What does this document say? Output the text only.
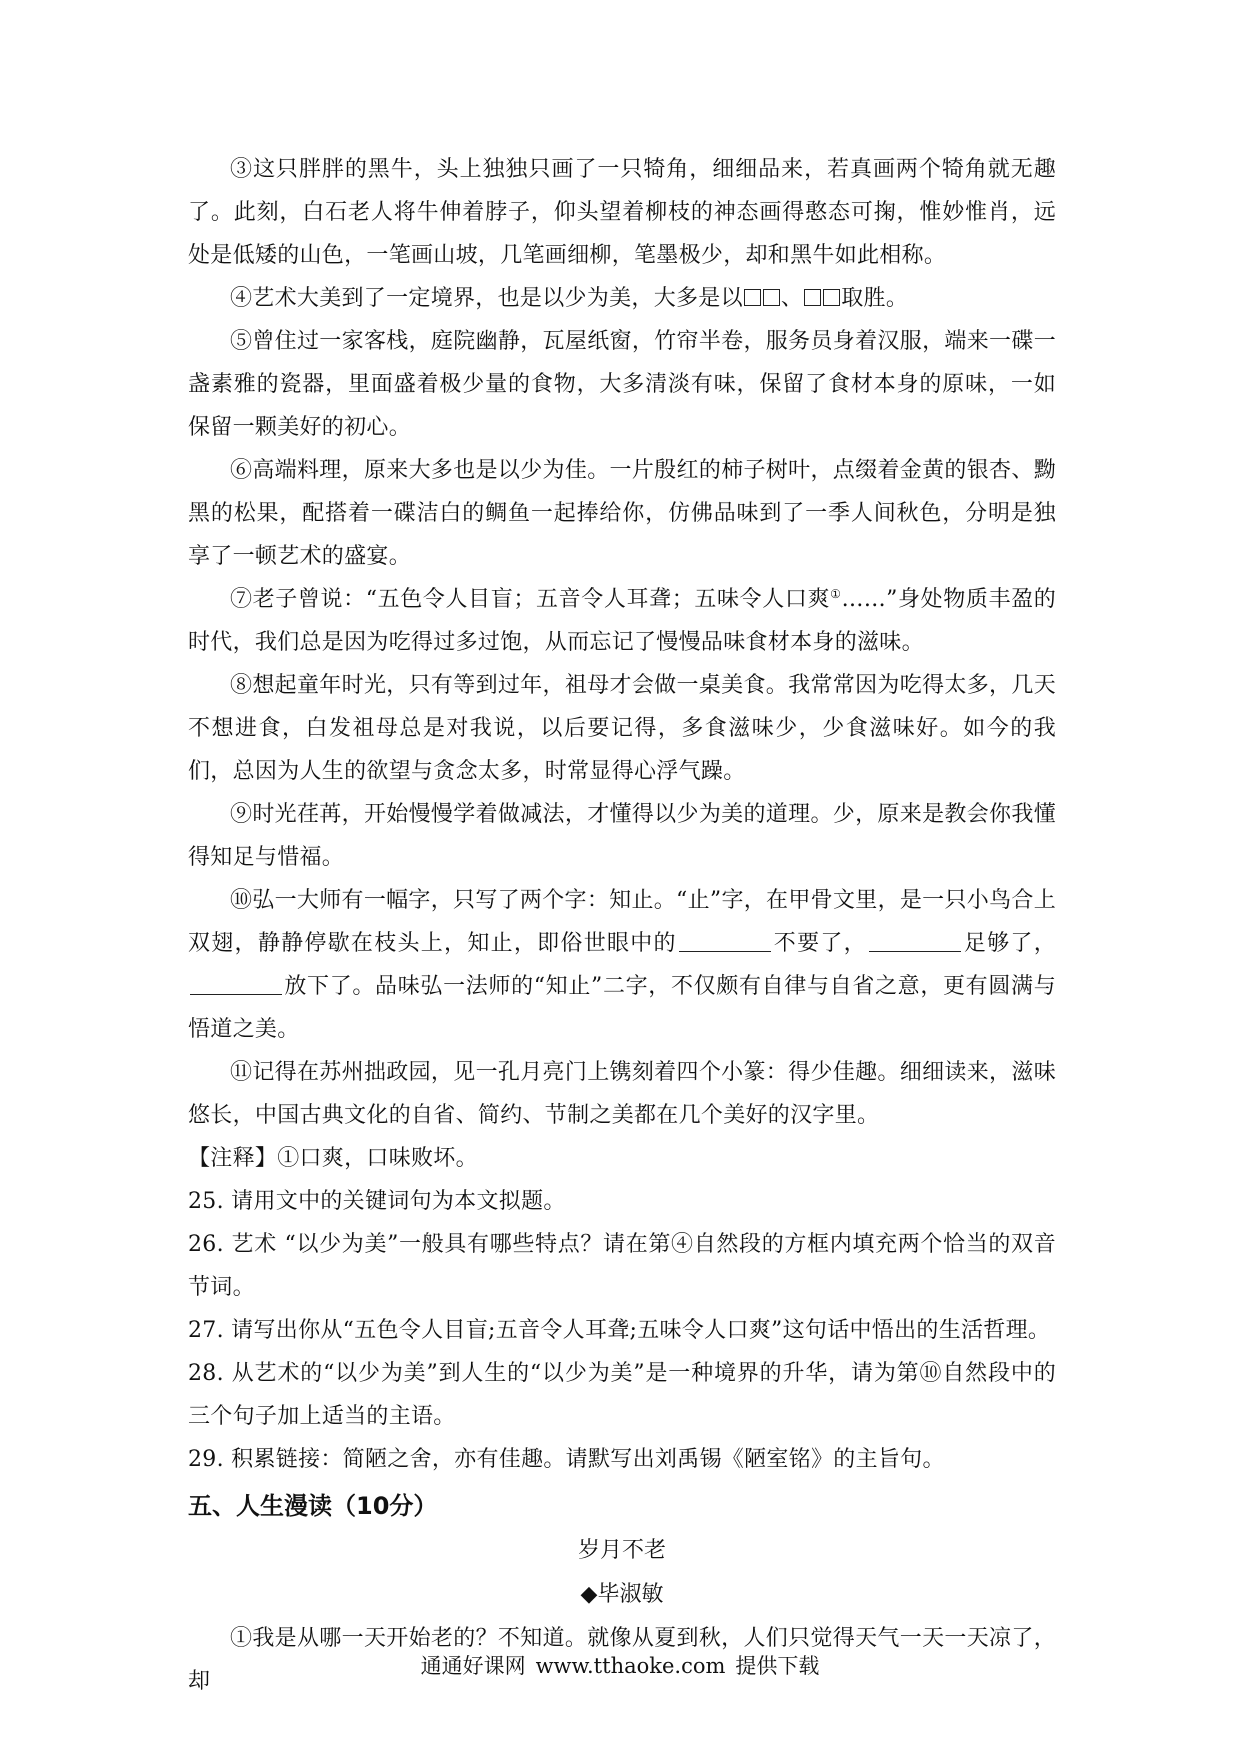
③这只胖胖的黑牛，头上独独只画了一只犄角，细细品来，若真画两个犄角就无趣了。此刻，白石老人将牛伸着脖子，仰头望着柳枝的神态画得憨态可掬，惟妙惟肖，远处是低矮的山色，一笔画山坡，几笔画细柳，笔墨极少，却和黑牛如此相称。

④艺术大美到了一定境界，也是以少为美，大多是以 、 取胜。

⑤曾住过一家客栈，庭院幽静，瓦屋纸窗，竹帘半卷，服务员身着汉服，端来一碟一盏素雅的瓷器，里面盛着极少量的食物，大多清淡有味，保留了食材本身的原味，一如保留一颗美好的初心。

⑥高端料理，原来大多也是以少为佳。一片殷红的柿子树叶，点缀着金黄的银杏、黝黑的松果，配搭着一碟洁白的鲷鱼一起捧给你，仿佛品味到了一季人间秋色，分明是独享了一顿艺术的盛宴。

⑦老子曾说：“五色令人目盲；五音令人耳聋；五味令人口爽①……”身处物质丰盈的时代，我们总是因为吃得过多过饱，从而忘记了慢慢品味食材本身的滋味。

⑧想起童年时光，只有等到过年，祖母才会做一桌美食。我常常因为吃得太多，几天不想进食，白发祖母总是对我说，以后要记得，多食滋味少，少食滋味好。如今的我们，总因为人生的欲望与贪念太多，时常显得心浮气躁。

⑨时光荏苒，开始慢慢学着做减法，才懂得以少为美的道理。少，原来是教会你我懂得知足与惜福。

⑩弘一大师有一幅字，只写了两个字：知止。“止”字，在甲骨文里，是一只小鸟合上双翅，静静停歇在枝头上，知止，即俗世眼中的	不要了，	足够了，放下了。品味弘一法师的“知止”二字，不仅颇有自律与自省之意，更有圆满与悟道之美。

⑪记得在苏州拙政园，见一孔月亮门上镌刻着四个小篆：得少佳趣。细细读来，滋味悠长，中国古典文化的自省、简约、节制之美都在几个美好的汉字里。

【注释】①口爽，口味败坏。

25. 请用文中的关键词句为本文拟题。

26. 艺术 “以少为美”一般具有哪些特点？请在第④自然段的方框内填充两个恰当的双音节词。

27. 请写出你从“五色令人目盲;五音令人耳聋;五味令人口爽”这句话中悟出的生活哲理。

28. 从艺术的“以少为美”到人生的“以少为美”是一种境界的升华，请为第⑩自然段中的三个句子加上适当的主语。

29. 积累链接：简陋之舍，亦有佳趣。请默写出刘禹锡《陋室铭》的主旨句。

五、人生漫读（10分）

岁月不老

◆毕淑敏

①我是从哪一天开始老的？不知道。就像从夏到秋，人们只觉得天气一天一天凉了，却

通通好课网 www.tthaoke.com 提供下载
